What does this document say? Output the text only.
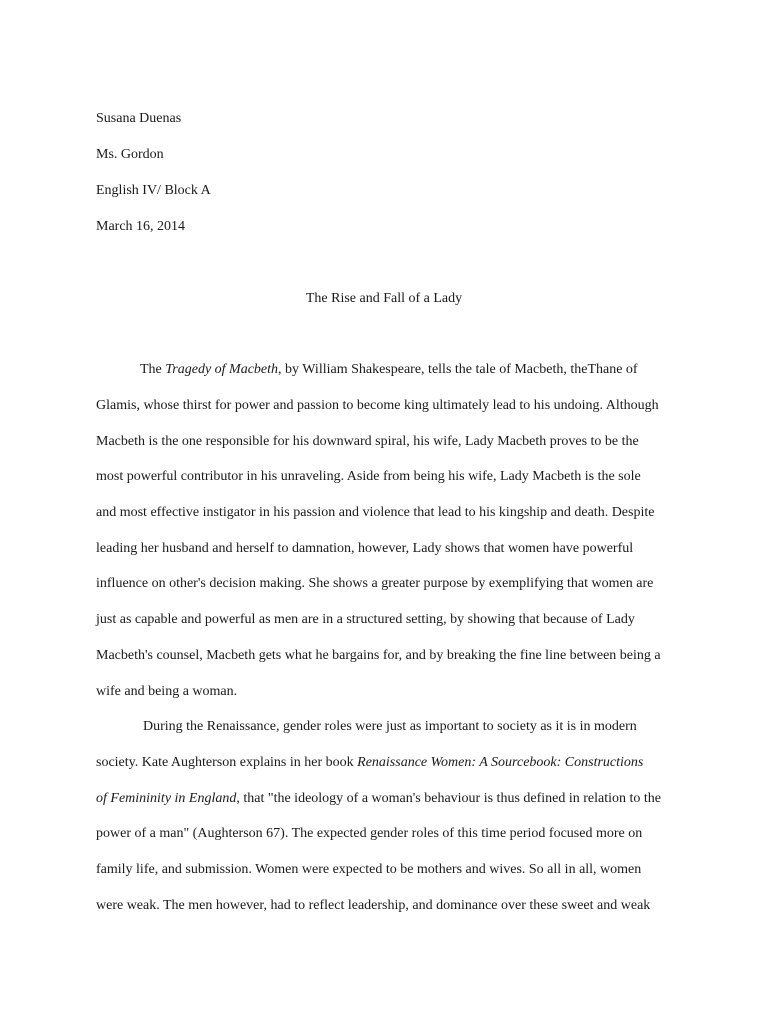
Susana Duenas
Ms. Gordon
English IV/ Block A
March 16, 2014
The Rise and Fall of a Lady
The Tragedy of Macbeth, by William Shakespeare, tells the tale of Macbeth, theThane of
Glamis, whose thirst for power and passion to become king ultimately lead to his undoing. Although
Macbeth is the one responsible for his downward spiral, his wife, Lady Macbeth proves to be the
most powerful contributor in his unraveling. Aside from being his wife, Lady Macbeth is the sole
and most effective instigator in his passion and violence that lead to his kingship and death. Despite
leading her husband and herself to damnation, however, Lady shows that women have powerful
influence on other's decision making. She shows a greater purpose by exemplifying that women are
just as capable and powerful as men are in a structured setting, by showing that because of Lady
Macbeth's counsel, Macbeth gets what he bargains for, and by breaking the fine line between being a
wife and being a woman.
During the Renaissance, gender roles were just as important to society as it is in modern
society. Kate Aughterson explains in her book Renaissance Women: A Sourcebook: Constructions
of Femininity in England, that "the ideology of a woman's behaviour is thus defined in relation to the
power of a man" (Aughterson 67). The expected gender roles of this time period focused more on
family life, and submission. Women were expected to be mothers and wives. So all in all, women
were weak. The men however, had to reflect leadership, and dominance over these sweet and weak
